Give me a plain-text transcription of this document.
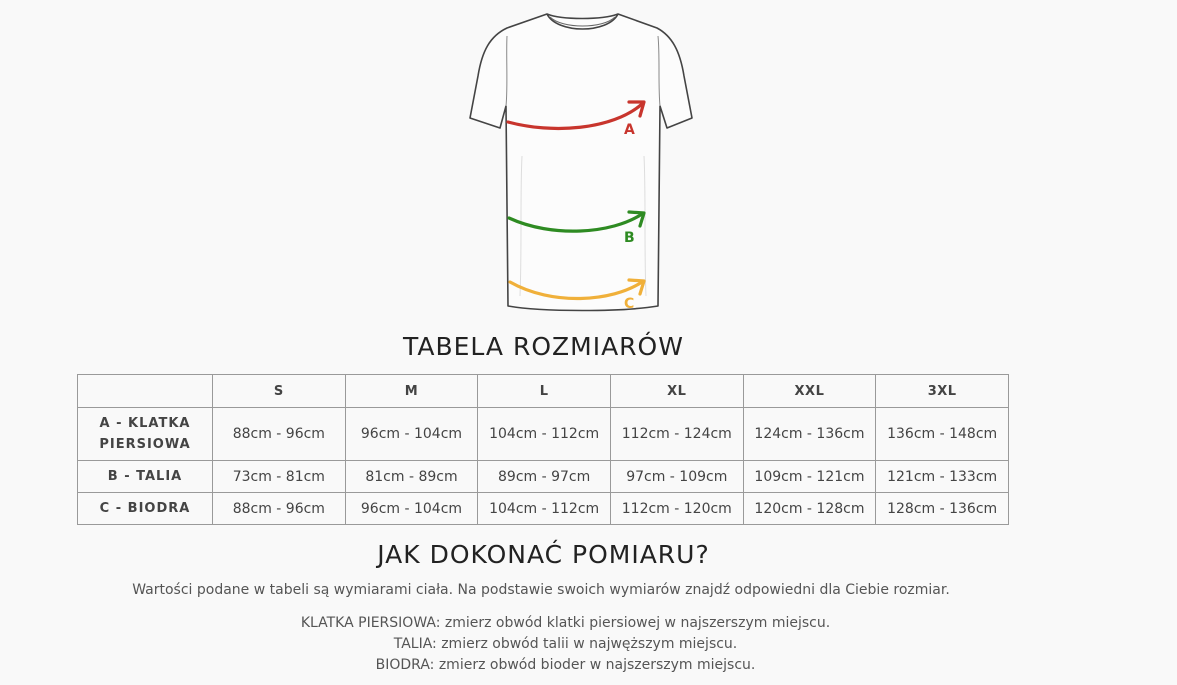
A
B
C
TABELA ROZMIARÓW
	S	M	L	XL	XXL	3XL
A - KLATKA PIERSIOWA	88cm - 96cm	96cm - 104cm	104cm - 112cm	112cm - 124cm	124cm - 136cm	136cm - 148cm
B - TALIA	73cm - 81cm	81cm - 89cm	89cm - 97cm	97cm - 109cm	109cm - 121cm	121cm - 133cm
C - BIODRA	88cm - 96cm	96cm - 104cm	104cm - 112cm	112cm - 120cm	120cm - 128cm	128cm - 136cm
JAK DOKONAĆ POMIARU?
Wartości podane w tabeli są wymiarami ciała. Na podstawie swoich wymiarów znajdź odpowiedni dla Ciebie rozmiar.
KLATKA PIERSIOWA: zmierz obwód klatki piersiowej w najszerszym miejscu.
TALIA: zmierz obwód talii w najwęższym miejscu.
BIODRA: zmierz obwód bioder w najszerszym miejscu.
